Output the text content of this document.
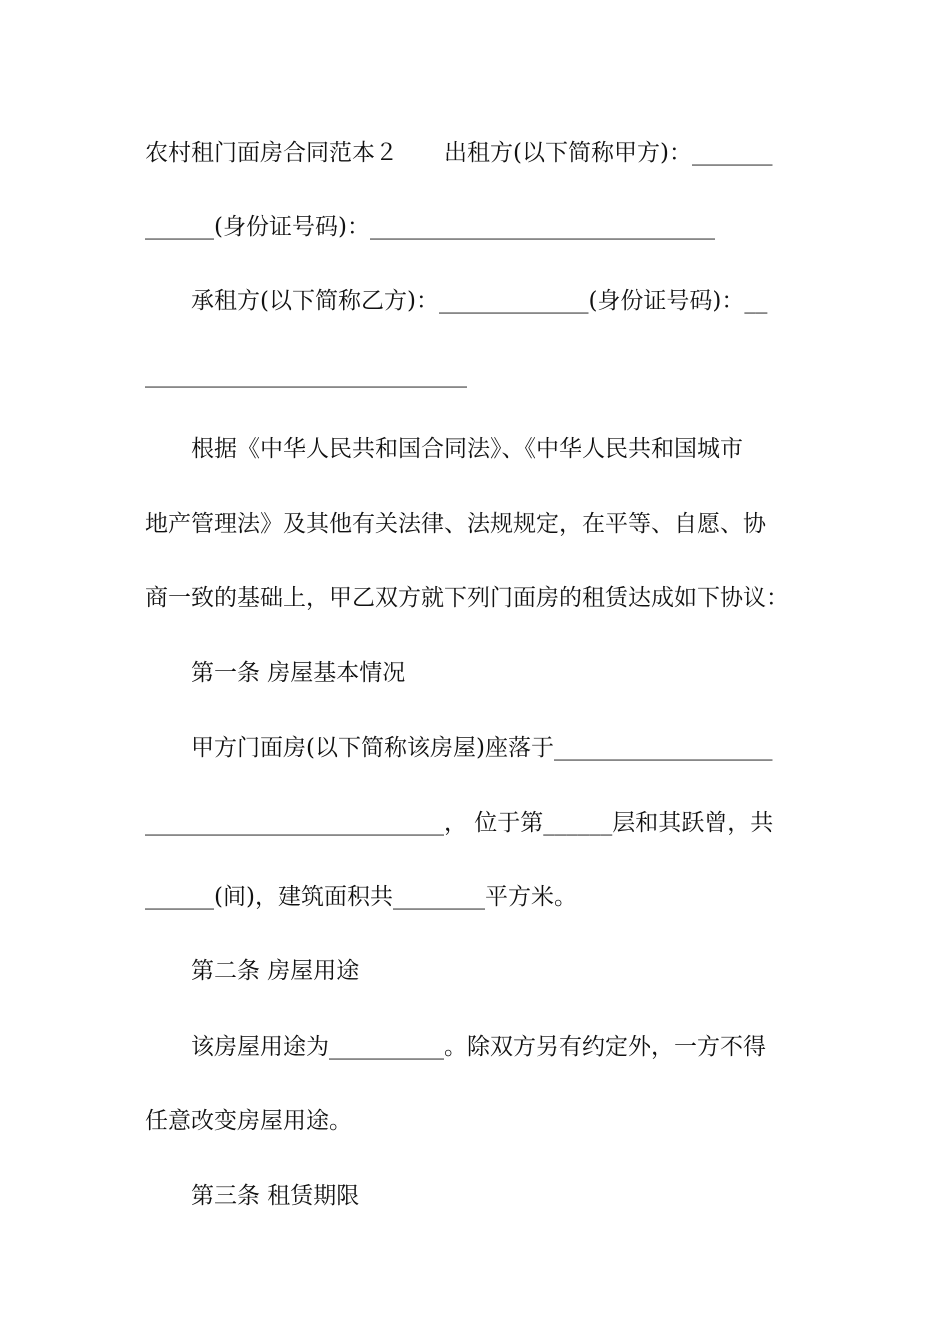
农村租门面房合同范本２　　出租方(以下简称甲方)：_______
______(身份证号码)：______________________________
　　承租方(以下简称乙方)：_____________(身份证号码)：__
____________________________
　　根据《中华人民共和国合同法》、《中华人民共和国城市
地产管理法》及其他有关法律、法规规定，在平等、自愿、协
商一致的基础上，甲乙双方就下列门面房的租赁达成如下协议：
　　第一条 房屋基本情况
　　甲方门面房(以下简称该房屋)座落于___________________
__________________________， 位于第______层和其跃曾，共
______(间)，建筑面积共________平方米。
　　第二条 房屋用途
　　该房屋用途为__________。除双方另有约定外，一方不得
任意改变房屋用途。
　　第三条 租赁期限
